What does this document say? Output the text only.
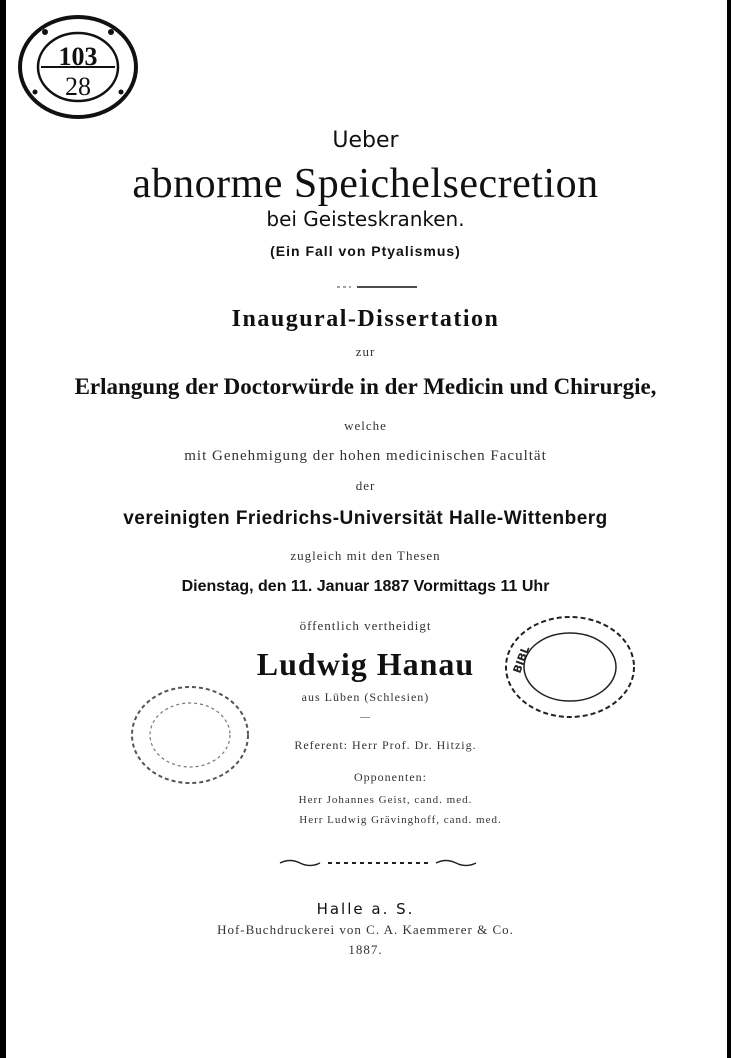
103
28
Ueber
abnorme Speichelsecretion
bei Geisteskranken.
(Ein Fall von Ptyalismus)
Inaugural-Dissertation
zur
Erlangung der Doctorwürde in der Medicin und Chirurgie,
welche
mit Genehmigung der hohen medicinischen Facultät
der
vereinigten Friedrichs-Universität Halle-Wittenberg
zugleich mit den Thesen
Dienstag, den 11. Januar 1887 Vormittags 11 Uhr
öffentlich vertheidigt
Ludwig Hanau
aus Lüben (Schlesien)
—
BIBL
Referent: Herr Prof. Dr. Hitzig.
Opponenten:
Herr Johannes Geist, cand. med.
Herr Ludwig Grävinghoff, cand. med.
Halle a. S.
Hof-Buchdruckerei von C. A. Kaemmerer & Co.
1887.
